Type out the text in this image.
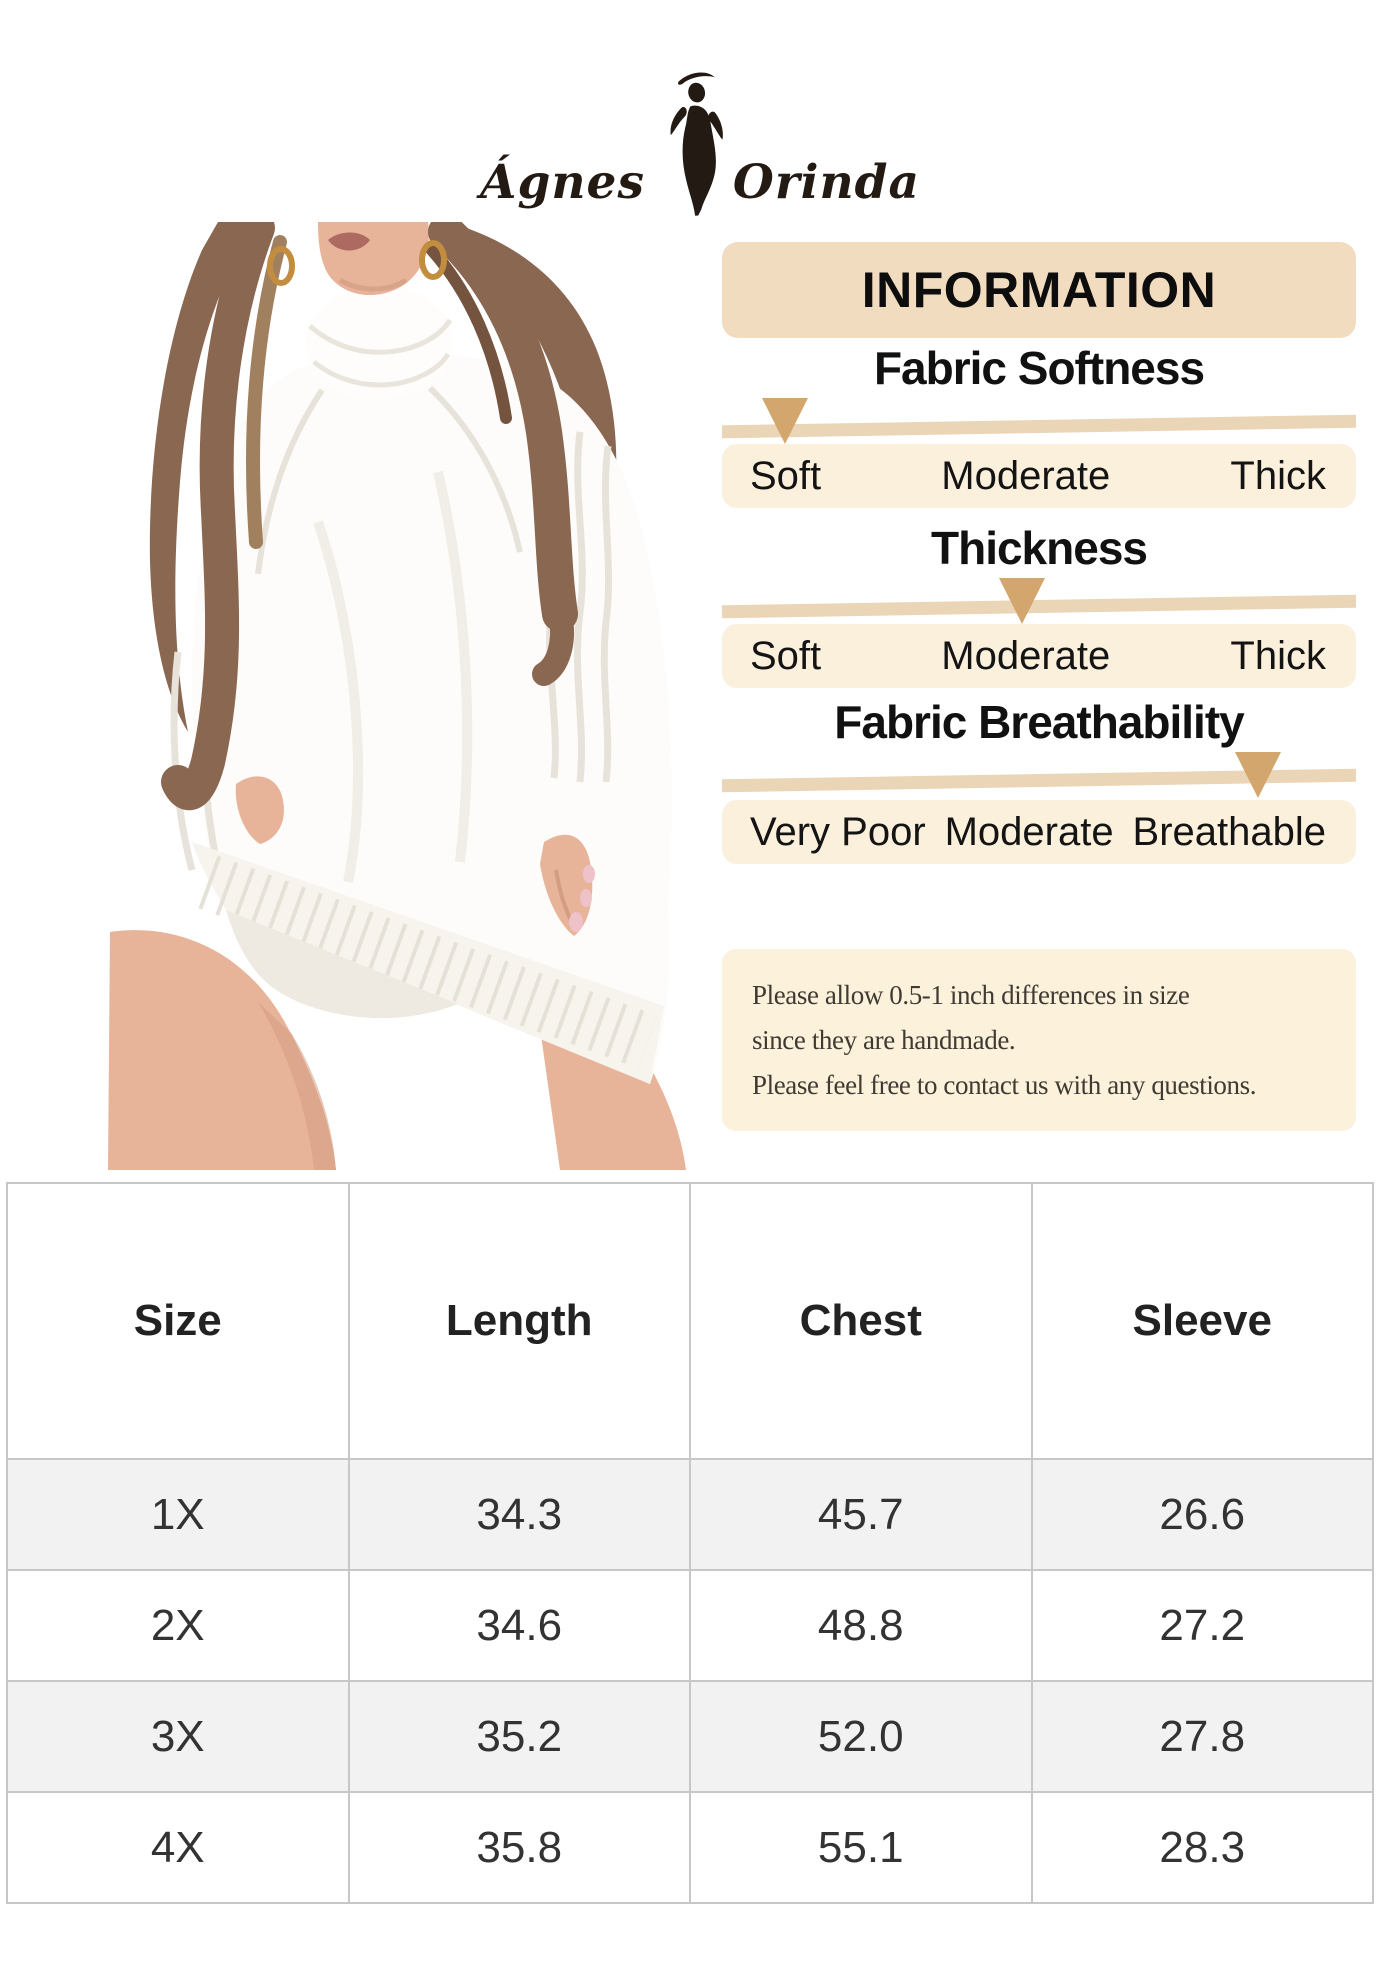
Ágnes Orinda
INFORMATION
Fabric Softness
Soft	Moderate	Thick
Thickness
Soft	Moderate	Thick
Fabric Breathability
Very Poor Moderate Breathable

Please allow 0.5-1 inch differences in size

since they are handmade.

Please feel free to contact us with any questions.

Size	Length	Chest	Sleeve
1X	34.3	45.7	26.6
2X	34.6	48.8	27.2
3X	35.2	52.0	27.8
4X	35.8	55.1	28.3
